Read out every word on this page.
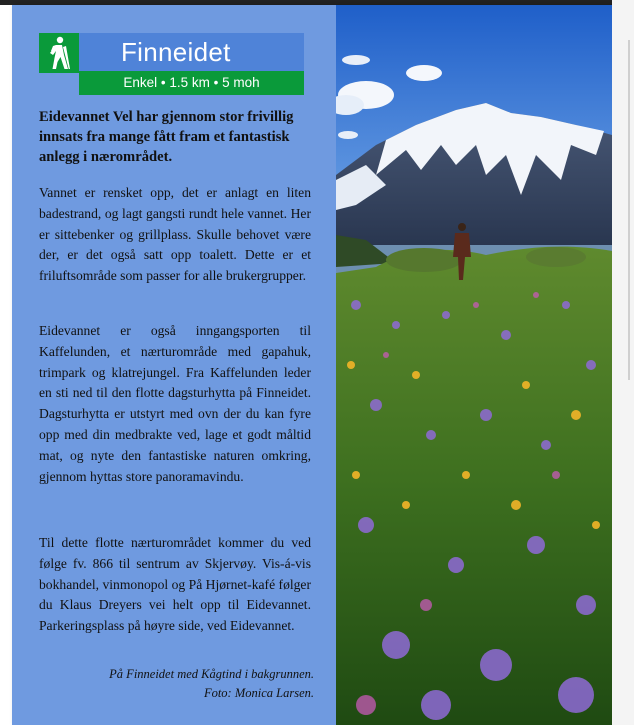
Finneidet
Enkel • 1.5 km • 5 moh
Eidevannet Vel har gjennom stor frivillig innsats fra mange fått fram et fantastisk anlegg i nærområdet.
Vannet er rensket opp, det er anlagt en liten badestrand, og lagt gangsti rundt hele vannet. Her er sittebenker og grillplass. Skulle behovet være der, er det også satt opp toalett. Dette er et friluftsområde som passer for alle brukergrupper.
Eidevannet er også inngangsporten til Kaffelunden, et nærturområde med gapahuk, trimpark og klatrejungel. Fra Kaffelunden leder en sti ned til den flotte dagsturhytta på Finneidet. Dagsturhytta er utstyrt med ovn der du kan fyre opp med din medbrakte ved, lage et godt måltid mat, og nyte den fantastiske naturen omkring, gjennom hyttas store panoramavindu.
Til dette flotte nærturområdet kommer du ved følge fv. 866 til sentrum av Skjervøy. Vis-á-vis bokhandel, vinmonopol og På Hjørnet-kafé følger du Klaus Dreyers vei helt opp til Eidevannet. Parkeringsplass på høyre side, ved Eidevannet.
På Finneidet med Kågtind i bakgrunnen.
Foto: Monica Larsen.
